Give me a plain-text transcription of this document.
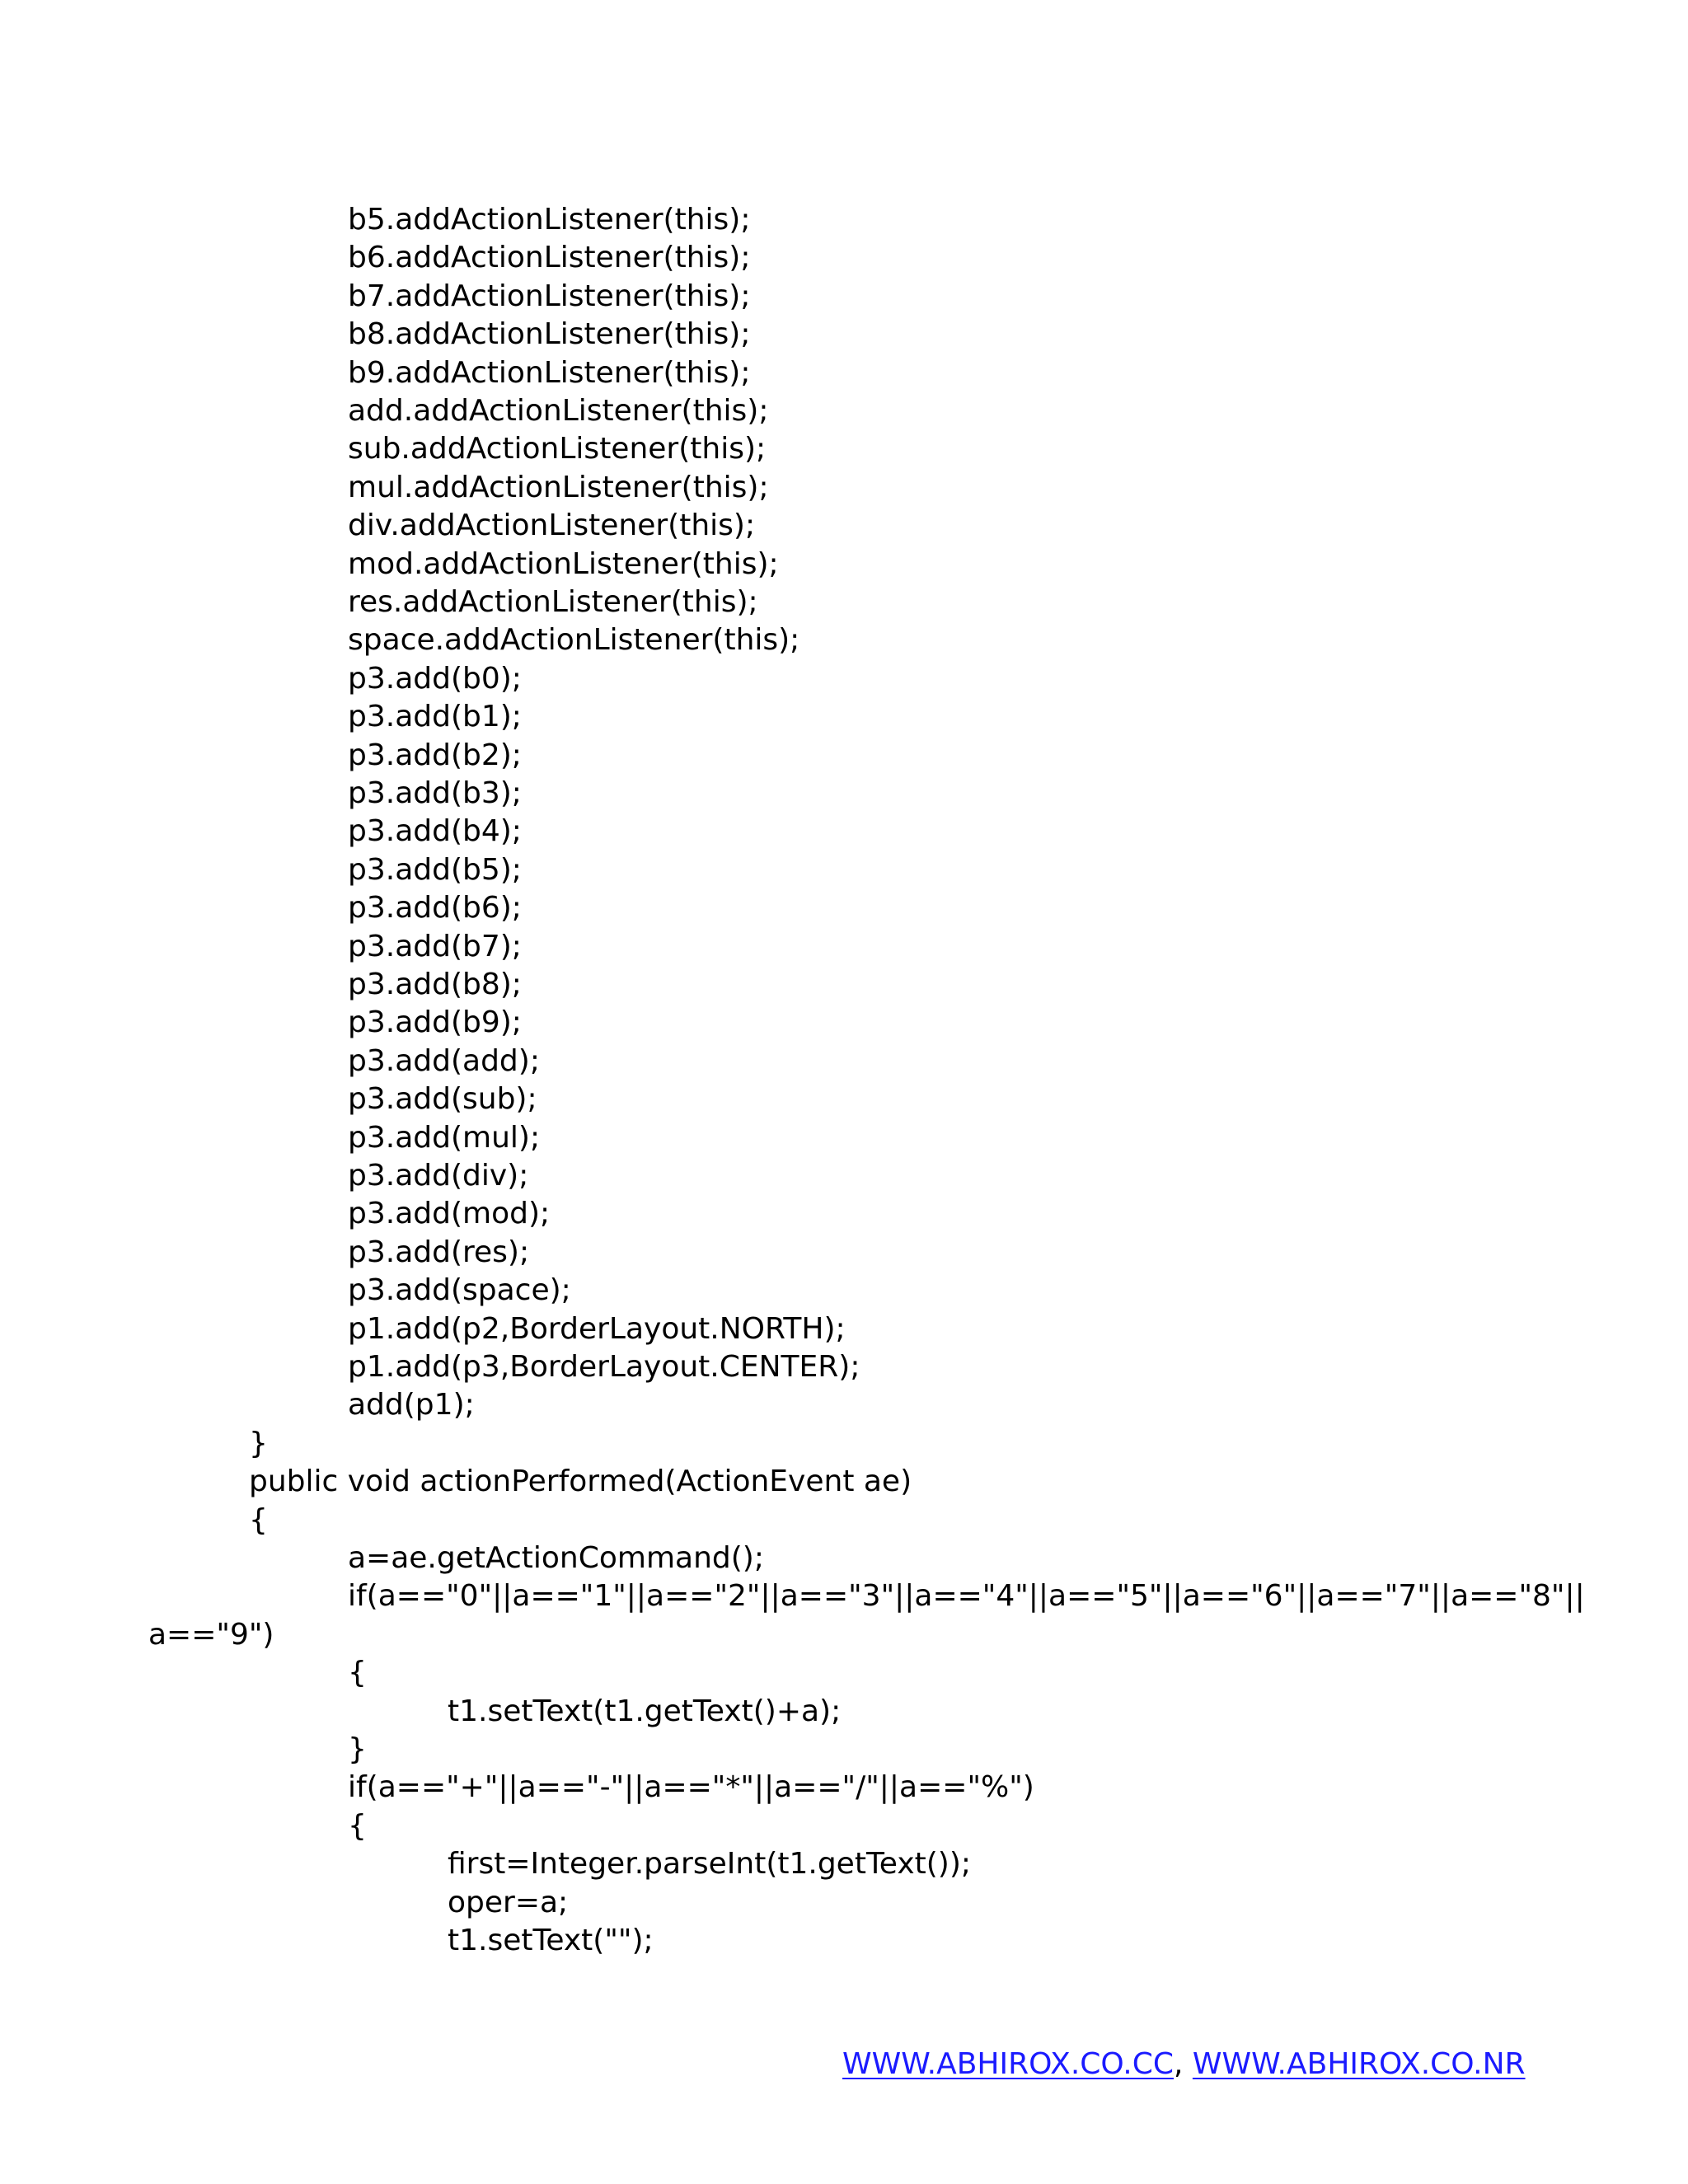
b5.addActionListener(this);
b6.addActionListener(this);
b7.addActionListener(this);
b8.addActionListener(this);
b9.addActionListener(this);
add.addActionListener(this);
sub.addActionListener(this);
mul.addActionListener(this);
div.addActionListener(this);
mod.addActionListener(this);
res.addActionListener(this);
space.addActionListener(this);
p3.add(b0);
p3.add(b1);
p3.add(b2);
p3.add(b3);
p3.add(b4);
p3.add(b5);
p3.add(b6);
p3.add(b7);
p3.add(b8);
p3.add(b9);
p3.add(add);
p3.add(sub);
p3.add(mul);
p3.add(div);
p3.add(mod);
p3.add(res);
p3.add(space);
p1.add(p2,BorderLayout.NORTH);
p1.add(p3,BorderLayout.CENTER);
add(p1);
}
public void actionPerformed(ActionEvent ae)
{
a=ae.getActionCommand();
if(a=="0"||a=="1"||a=="2"||a=="3"||a=="4"||a=="5"||a=="6"||a=="7"||a=="8"||
a=="9")
{
t1.setText(t1.getText()+a);
}
if(a=="+"||a=="-"||a=="*"||a=="/"||a=="%")
{
first=Integer.parseInt(t1.getText());
oper=a;
t1.setText("");
WWW.ABHIROX.CO.CC, WWW.ABHIROX.CO.NR
